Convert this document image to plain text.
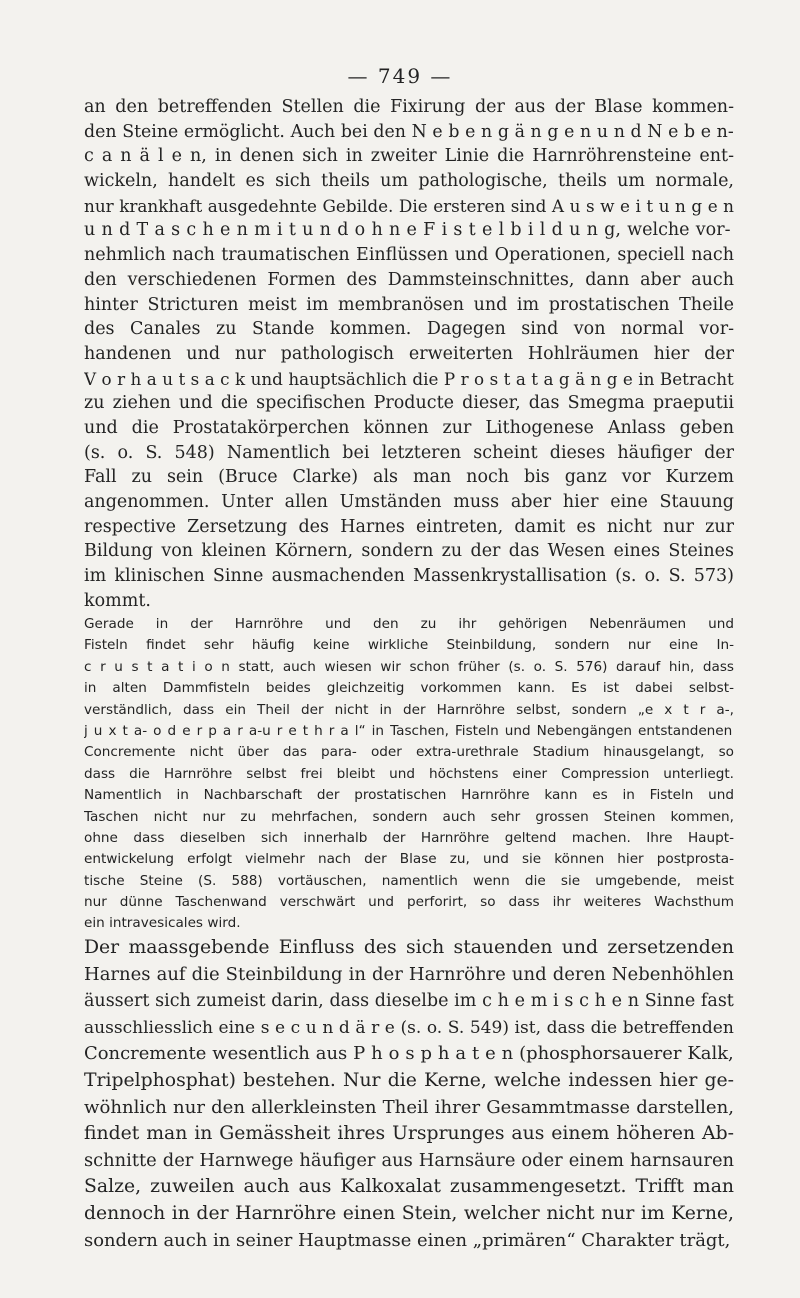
— 749 —
an den betreffenden Stellen die Fixirung der aus der Blase kommen-
den Steine ermöglicht. Auch bei den N e b e n g ä n g e n u n d N e b e n-
c a n ä l e n, in denen sich in zweiter Linie die Harnröhrensteine ent-
wickeln, handelt es sich theils um pathologische, theils um normale,
nur krankhaft ausgedehnte Gebilde. Die ersteren sind A u s w e i t u n g e n
u n d T a s c h e n m i t u n d o h n e F i s t e l b i l d u n g, welche vor-
nehmlich nach traumatischen Einflüssen und Operationen, speciell nach
den verschiedenen Formen des Dammsteinschnittes, dann aber auch
hinter Stricturen meist im membranösen und im prostatischen Theile
des Canales zu Stande kommen. Dagegen sind von normal vor-
handenen und nur pathologisch erweiterten Hohlräumen hier der
V o r h a u t s a c k und hauptsächlich die P r o s t a t a g ä n g e in Betracht
zu ziehen und die specifischen Producte dieser, das Smegma praeputii
und die Prostatakörperchen können zur Lithogenese Anlass geben
(s. o. S. 548) Namentlich bei letzteren scheint dieses häufiger der
Fall zu sein (Bruce Clarke) als man noch bis ganz vor Kurzem
angenommen. Unter allen Umständen muss aber hier eine Stauung
respective Zersetzung des Harnes eintreten, damit es nicht nur zur
Bildung von kleinen Körnern, sondern zu der das Wesen eines Steines
im klinischen Sinne ausmachenden Massenkrystallisation (s. o. S. 573)
kommt.
Gerade in der Harnröhre und den zu ihr gehörigen Nebenräumen und
Fisteln findet sehr häufig keine wirkliche Steinbildung, sondern nur eine In-
c r u s t a t i o n statt, auch wiesen wir schon früher (s. o. S. 576) darauf hin, dass
in alten Dammfisteln beides gleichzeitig vorkommen kann. Es ist dabei selbst-
verständlich, dass ein Theil der nicht in der Harnröhre selbst, sondern „e x t r a-,
j u x t a- o d e r p a r a-u r e t h r a l“ in Taschen, Fisteln und Nebengängen entstandenen
Concremente nicht über das para- oder extra-urethrale Stadium hinausgelangt, so
dass die Harnröhre selbst frei bleibt und höchstens einer Compression unterliegt.
Namentlich in Nachbarschaft der prostatischen Harnröhre kann es in Fisteln und
Taschen nicht nur zu mehrfachen, sondern auch sehr grossen Steinen kommen,
ohne dass dieselben sich innerhalb der Harnröhre geltend machen. Ihre Haupt-
entwickelung erfolgt vielmehr nach der Blase zu, und sie können hier postprosta-
tische Steine (S. 588) vortäuschen, namentlich wenn die sie umgebende, meist
nur dünne Taschenwand verschwärt und perforirt, so dass ihr weiteres Wachsthum
ein intravesicales wird.
Der maassgebende Einfluss des sich stauenden und zersetzenden
Harnes auf die Steinbildung in der Harnröhre und deren Nebenhöhlen
äussert sich zumeist darin, dass dieselbe im c h e m i s c h e n Sinne fast
ausschliesslich eine s e c u n d ä r e (s. o. S. 549) ist, dass die betreffenden
Concremente wesentlich aus P h o s p h a t e n (phosphorsauerer Kalk,
Tripelphosphat) bestehen. Nur die Kerne, welche indessen hier ge-
wöhnlich nur den allerkleinsten Theil ihrer Gesammtmasse darstellen,
findet man in Gemässheit ihres Ursprunges aus einem höheren Ab-
schnitte der Harnwege häufiger aus Harnsäure oder einem harnsauren
Salze, zuweilen auch aus Kalkoxalat zusammengesetzt. Trifft man
dennoch in der Harnröhre einen Stein, welcher nicht nur im Kerne,
sondern auch in seiner Hauptmasse einen „primären“ Charakter trägt,
